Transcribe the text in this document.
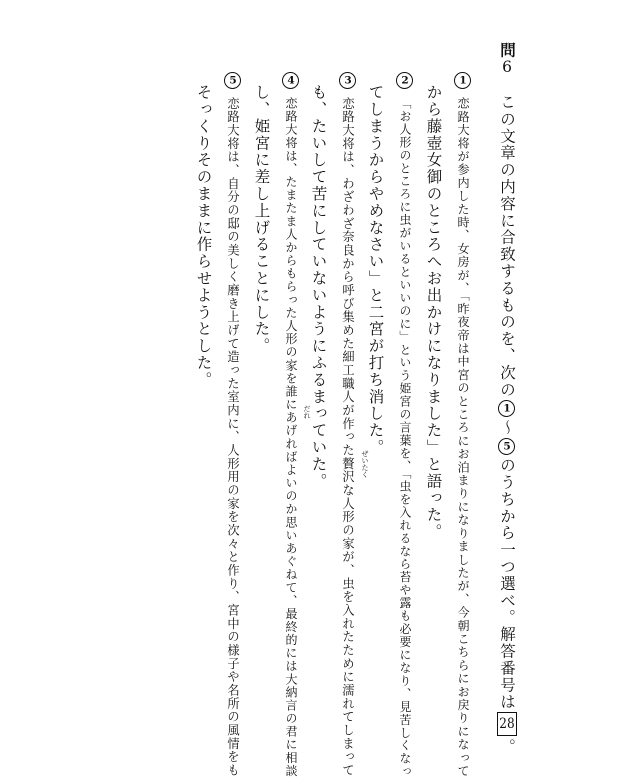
問6 この文章の内容に合致するものを、次の1～5のうちから一つ選べ。解答番号は28。
1恋路大将が参内した時、女房が、「昨夜帝は中宮のところにお泊まりになりましたが、今朝こちらにお戻りになって
から藤壺女御のところへお出かけになりました」と語った。
2「お人形のところに虫がいるといいのに」という姫宮の言葉を、「虫を入れるなら苔や露も必要になり、見苦しくなっ
てしまうからやめなさい」と二宮が打ち消した。
3恋路大将は、わざわざ奈良から呼び集めた細工職人が作った贅沢な人形の家が、虫を入れたために濡れてしまって
も、たいして苦にしていないようにふるまっていた。	ぜいたく
4恋路大将は、たまたま人からもらった人形の家を誰にあげればよいのか思いあぐねて、最終的には大納言の君に相談
し、姫宮に差し上げることにした。
だれ
5恋路大将は、自分の邸の美しく磨き上げて造った室内に、人形用の家を次々と作り、宮中の様子や名所の風情をも
そっくりそのままに作らせようとした。
